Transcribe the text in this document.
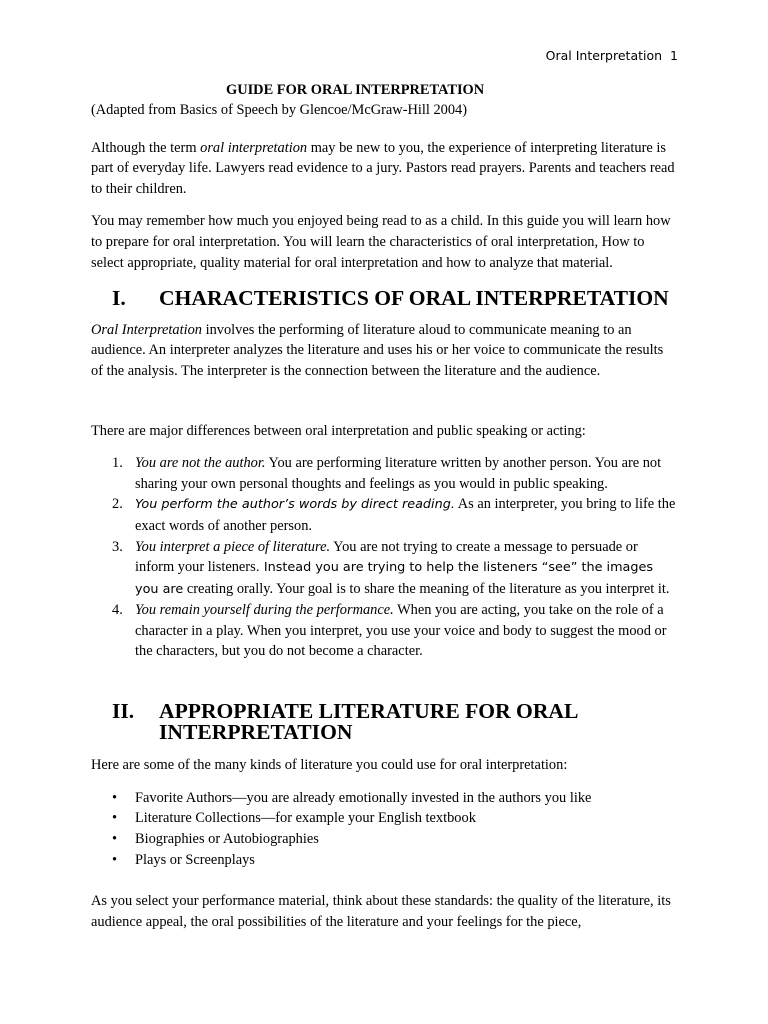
Oral Interpretation 1
GUIDE FOR ORAL INTERPRETATION

(Adapted from Basics of Speech by Glencoe/McGraw-Hill 2004)

Although the term oral interpretation may be new to you, the experience of interpreting literature is part of everyday life. Lawyers read evidence to a jury. Pastors read prayers. Parents and teachers read to their children.

You may remember how much you enjoyed being read to as a child. In this guide you will learn how to prepare for oral interpretation. You will learn the characteristics of oral interpretation, How to select appropriate, quality material for oral interpretation and how to analyze that material.

I.	CHARACTERISTICS OF ORAL INTERPRETATION

Oral Interpretation involves the performing of literature aloud to communicate meaning to an audience. An interpreter analyzes the literature and uses his or her voice to communicate the results of the analysis. The interpreter is the connection between the literature and the audience.

There are major differences between oral interpretation and public speaking or acting:

1. You are not the author. You are performing literature written by another person. You are not sharing your own personal thoughts and feelings as you would in public speaking.
2. You perform the author’s words by direct reading. As an interpreter, you bring to life the exact words of another person.
3. You interpret a piece of literature. You are not trying to create a message to persuade or inform your listeners. Instead you are trying to help the listeners “see” the images you are creating orally. Your goal is to share the meaning of the literature as you interpret it.
4. You remain yourself during the performance. When you are acting, you take on the role of a character in a play. When you interpret, you use your voice and body to suggest the mood or the characters, but you do not become a character.
II. APPROPRIATE LITERATURE FOR ORAL INTERPRETATION

Here are some of the many kinds of literature you could use for oral interpretation:

•	Favorite Authors—you are already emotionally invested in the authors you like
•	Literature Collections—for example your English textbook
•	Biographies or Autobiographies
•	Plays or Screenplays

As you select your performance material, think about these standards: the quality of the literature, its audience appeal, the oral possibilities of the literature and your feelings for the piece,
